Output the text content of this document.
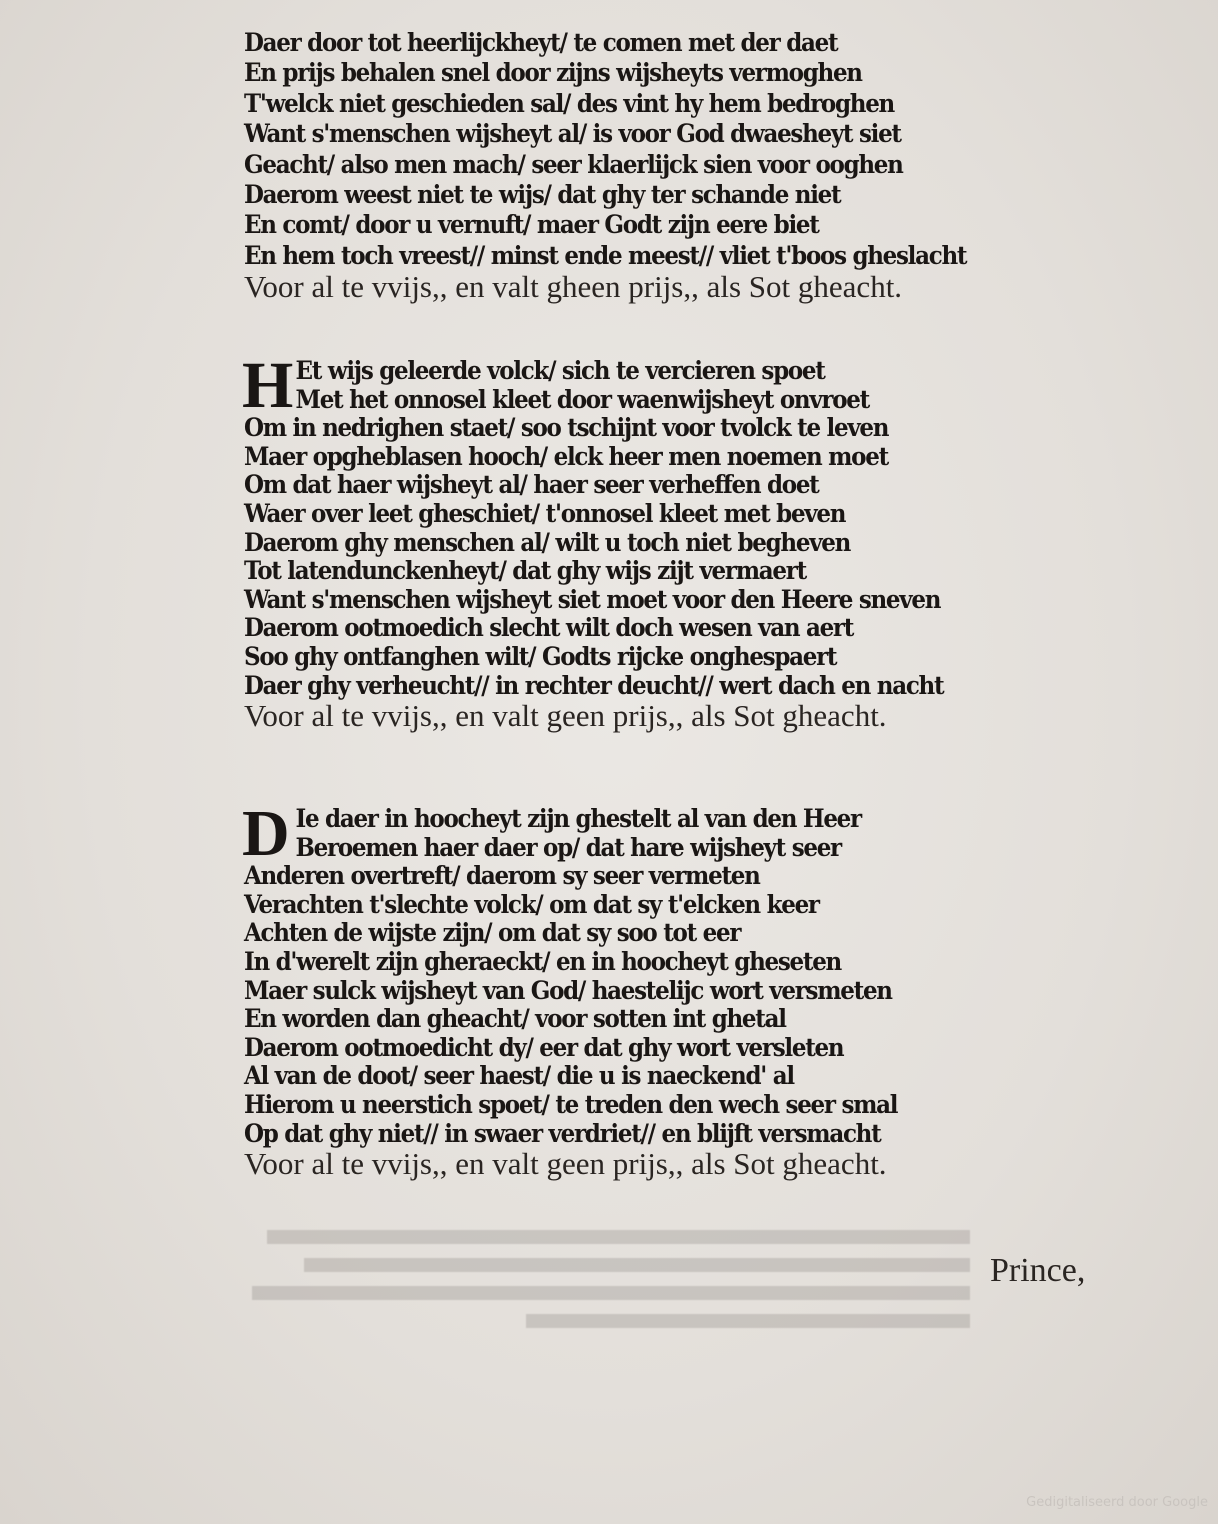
Daer door tot heerlijckheyt/ te comen met der daet
En prijs behalen snel door zijns wijsheyts vermoghen
T'welck niet geschieden sal/ des vint hy hem bedroghen
Want s'menschen wijsheyt al/ is voor God dwaesheyt siet
Geacht/ also men mach/ seer klaerlijck sien voor ooghen
Daerom weest niet te wijs/ dat ghy ter schande niet
En comt/ door u vernuft/ maer Godt zijn eere biet
En hem toch vreest// minst ende meest// vliet t'boos gheslacht
Voor al te vvijs,, en valt gheen prijs,, als Sot gheacht.
H Et wijs geleerde volck/ sich te vercieren spoet
Met het onnosel kleet door waenwijsheyt onvroet
Om in nedrighen staet/ soo tschijnt voor tvolck te leven
Maer opgheblasen hooch/ elck heer men noemen moet
Om dat haer wijsheyt al/ haer seer verheffen doet
Waer over leet gheschiet/ t'onnosel kleet met beven
Daerom ghy menschen al/ wilt u toch niet begheven
Tot latendunckenheyt/ dat ghy wijs zijt vermaert
Want s'menschen wijsheyt siet moet voor den Heere sneven
Daerom ootmoedich slecht wilt doch wesen van aert
Soo ghy ontfanghen wilt/ Godts rijcke onghespaert
Daer ghy verheucht// in rechter deucht// wert dach en nacht
Voor al te vvijs,, en valt geen prijs,, als Sot gheacht.
D Ie daer in hoocheyt zijn ghestelt al van den Heer
Beroemen haer daer op/ dat hare wijsheyt seer
Anderen overtreft/ daerom sy seer vermeten
Verachten t'slechte volck/ om dat sy t'elcken keer
Achten de wijste zijn/ om dat sy soo tot eer
In d'werelt zijn gheraeckt/ en in hoocheyt gheseten
Maer sulck wijsheyt van God/ haestelijc wort versmeten
En worden dan gheacht/ voor sotten int ghetal
Daerom ootmoedicht dy/ eer dat ghy wort versleten
Al van de doot/ seer haest/ die u is naeckend' al
Hierom u neerstich spoet/ te treden den wech seer smal
Op dat ghy niet// in swaer verdriet// en blijft versmacht
Voor al te vvijs,, en valt geen prijs,, als Sot gheacht.
Prince,
Gedigitaliseerd door Google
